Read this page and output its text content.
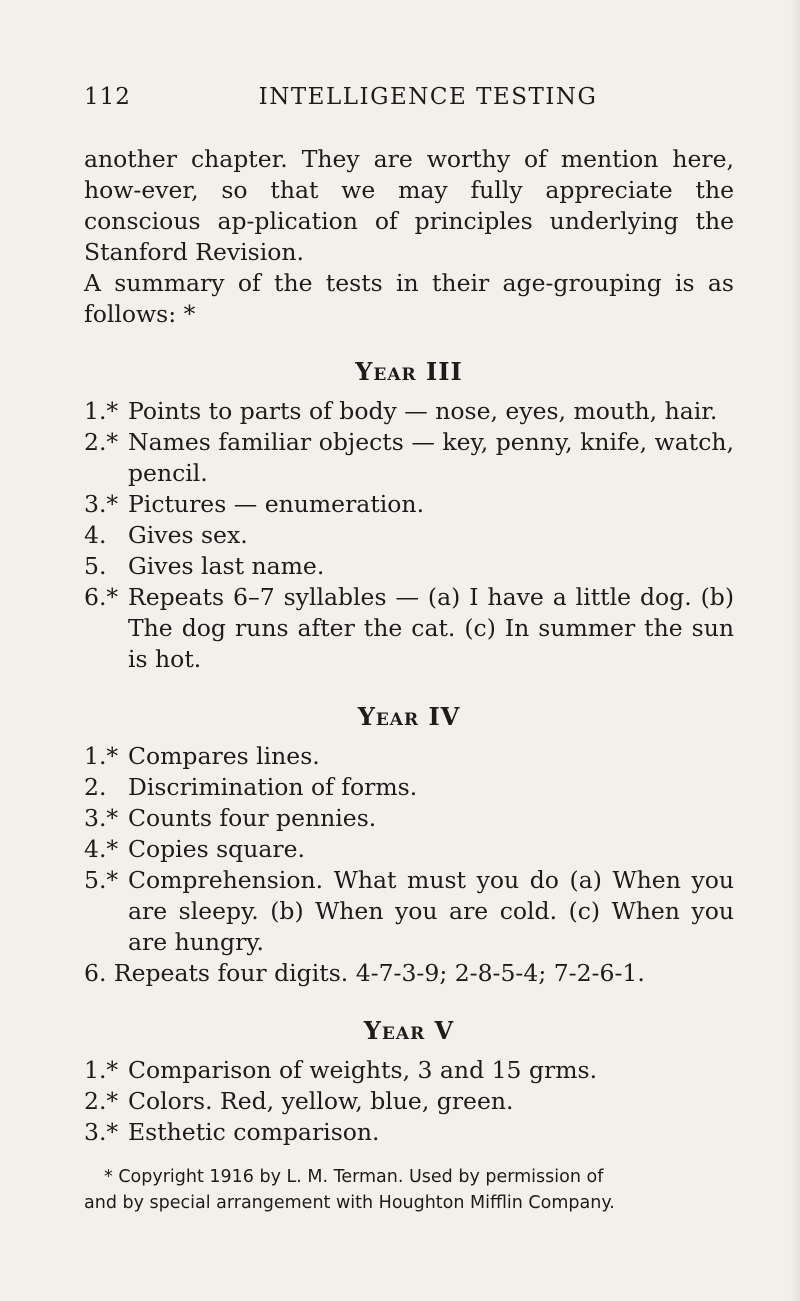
112	INTELLIGENCE TESTING

another chapter. They are worthy of mention here, how-ever, so that we may fully appreciate the conscious ap-plication of principles underlying the Stanford Revision.

A summary of the tests in their age-grouping is as follows: *

Year III
1.* Points to parts of body — nose, eyes, mouth, hair.
2.* Names familiar objects — key, penny, knife, watch, pencil.
3.* Pictures — enumeration.
4. Gives sex.
5. Gives last name.
6.* Repeats 6–7 syllables — (a) I have a little dog. (b) The dog runs after the cat. (c) In summer the sun is hot.
Year IV
1.* Compares lines.
2. Discrimination of forms.
3.* Counts four pennies.
4.* Copies square.
5.* Comprehension. What must you do (a) When you are sleepy. (b) When you are cold. (c) When you are hungry.
6. Repeats four digits. 4-7-3-9; 2-8-5-4; 7-2-6-1.
Year V
1.* Comparison of weights, 3 and 15 grms.
2.* Colors. Red, yellow, blue, green.
3.* Esthetic comparison.
* Copyright 1916 by L. M. Terman. Used by permission of
and by special arrangement with Houghton Mifflin Company.
